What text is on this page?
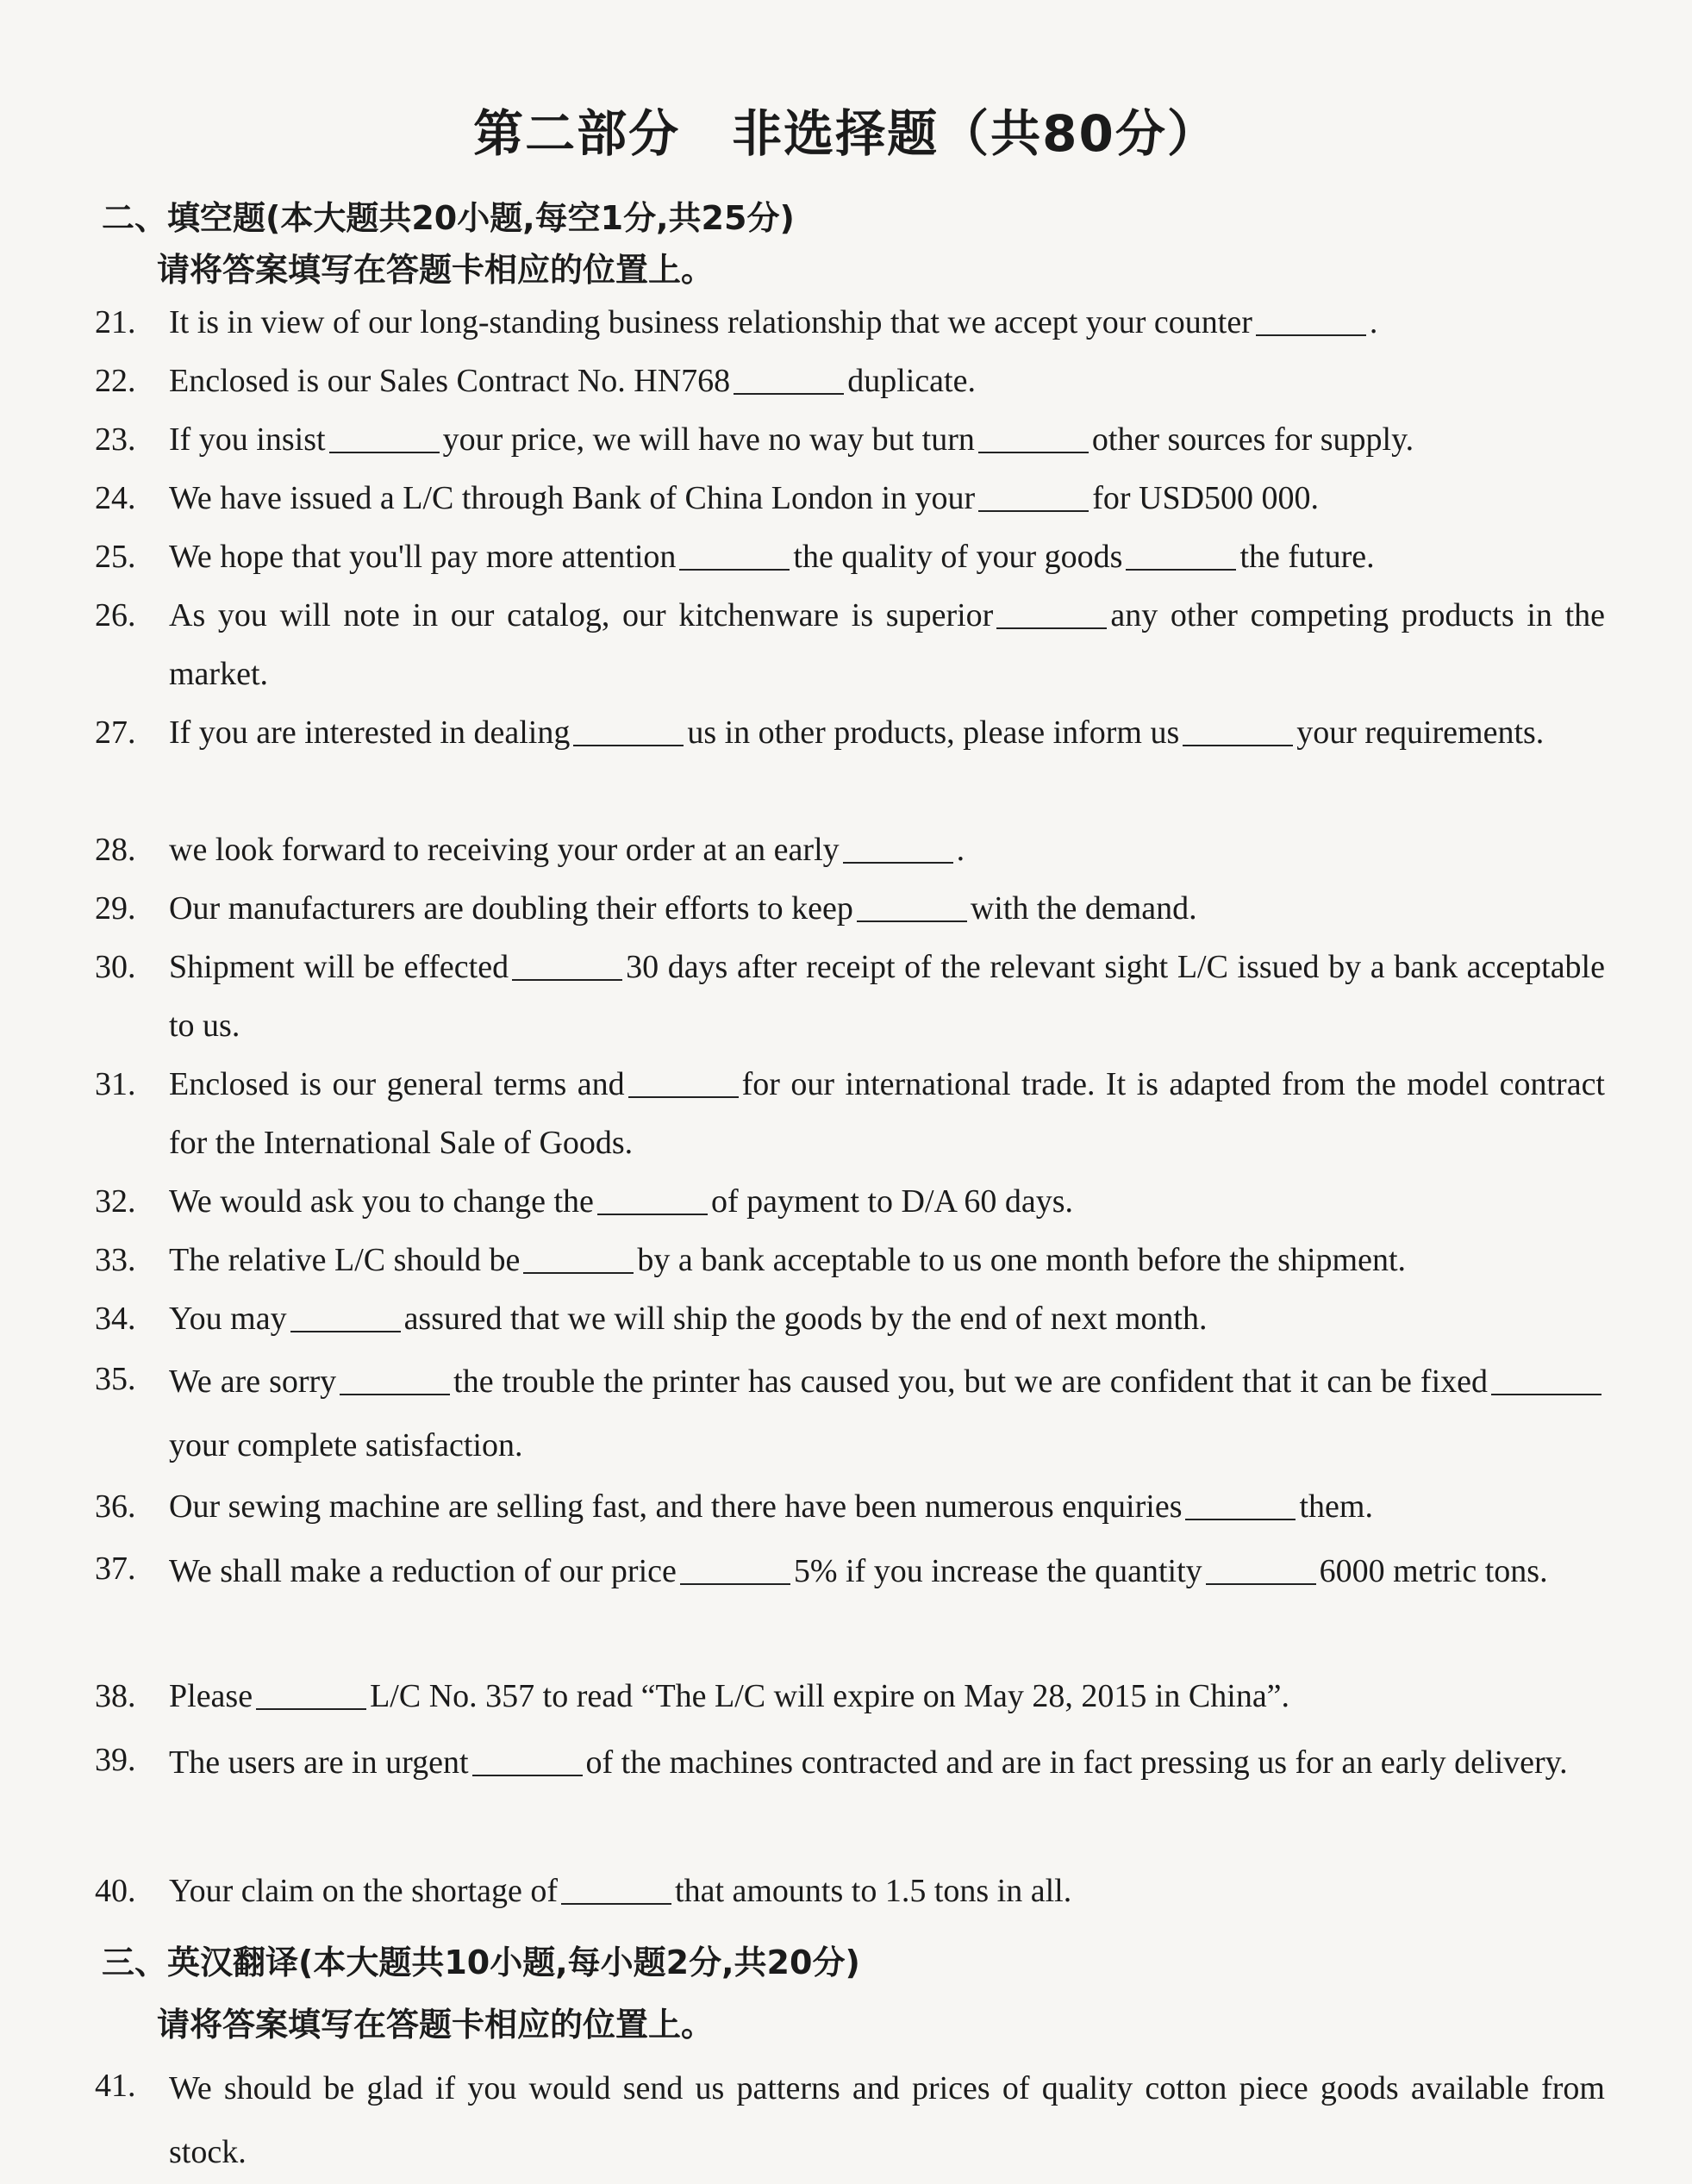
第二部分　非选择题（共80分）
二、填空题(本大题共20小题,每空1分,共25分)
请将答案填写在答题卡相应的位置上。
21.	It is in view of our long-standing business relationship that we accept your counter	.
22.	Enclosed is our Sales Contract No. HN768	duplicate.
23.	If you insist	your price, we will have no way but turn	other sources for supply.
24.	We have issued a L/C through Bank of China London in your	for USD500 000.
25.	We hope that you'll pay more attention	the quality of your goods	the future.
26.	As you will note in our catalog, our kitchenware is superior	any other competing products in the market.
27.	If you are interested in dealing	us in other products, please inform us	your requirements.
28.	we look forward to receiving your order at an early	.
29.	Our manufacturers are doubling their efforts to keep	with the demand.
30.	Shipment will be effected	30 days after receipt of the relevant sight L/C issued by a bank acceptable to us.
31.	Enclosed is our general terms and	for our international trade. It is adapted from the model contract for the International Sale of Goods.
32.	We would ask you to change the	of payment to D/A 60 days.
33.	The relative L/C should be	by a bank acceptable to us one month before the shipment.
34.	You may	assured that we will ship the goods by the end of next month.
35.	We are sorry	the trouble the printer has caused you, but we are confident that it can be fixedyour complete satisfaction.
36.	Our sewing machine are selling fast, and there have been numerous enquiries	them.
37.	We shall make a reduction of our price	5% if you increase the quantity	6000 metric tons.
38.	Please	L/C No. 357 to read “The L/C will expire on May 28, 2015 in China”.
39.	The users are in urgent	of the machines contracted and are in fact pressing us for an early delivery.
40.	Your claim on the shortage of	that amounts to 1.5 tons in all.
三、英汉翻译(本大题共10小题,每小题2分,共20分)
请将答案填写在答题卡相应的位置上。
41.	We should be glad if you would send us patterns and prices of quality cotton piece goods available from stock.
